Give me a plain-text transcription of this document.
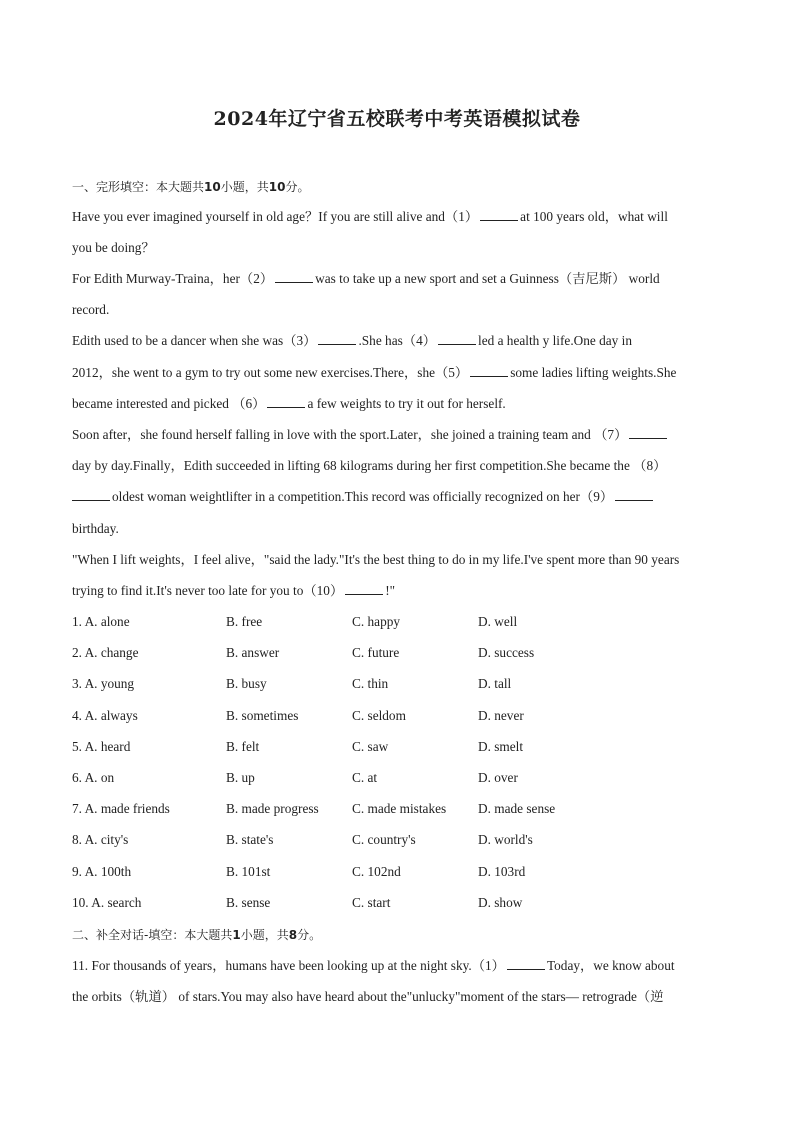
2024年辽宁省五校联考中考英语模拟试卷
一、完形填空：本大题共10小题，共10分。
Have you ever imagined yourself in old age？If you are still alive and（1）	at 100 years old，what will
you be doing？
For Edith Murway-Traina，her（2）	was to take up a new sport and set a Guinness（吉尼斯） world
record.
Edith used to be a dancer when she was（3）	.She has（4）	led a health y life.One day in
2012，she went to a gym to try out some new exercises.There，she（5）	some ladies lifting weights.She
became interested and picked （6）	a few weights to try it out for herself.
Soon after，she found herself falling in love with the sport.Later，she joined a training team and （7）
day by day.Finally，Edith succeeded in lifting 68 kilograms during her first competition.She became the （8）
oldest woman weightlifter in a competition.This record was officially recognized on her（9）
birthday.
"When I lift weights，I feel alive，"said the lady."It's the best thing to do in my life.I've spent more than 90 years
trying to find it.It's never too late for you to（10）	!"
1. A. alone	B. free	C. happy	D. well
2. A. change	B. answer	C. future	D. success
3. A. young	B. busy	C. thin	D. tall
4. A. always	B. sometimes	C. seldom	D. never
5. A. heard	B. felt	C. saw	D. smelt
6. A. on	B. up	C. at	D. over
7. A. made friends	B. made progress	C. made mistakes D. made sense
8. A. city's	B. state's	C. country's	D. world's
9. A. 100th	B. 101st	C. 102nd	D. 103rd
10. A. search	B. sense	C. start	D. show
二、补全对话-填空：本大题共1小题，共8分。
11. For thousands of years，humans have been looking up at the night sky.（1）	Today，we know about
the orbits（轨道） of stars.You may also have heard about the"unlucky"moment of the stars— retrograde（逆
